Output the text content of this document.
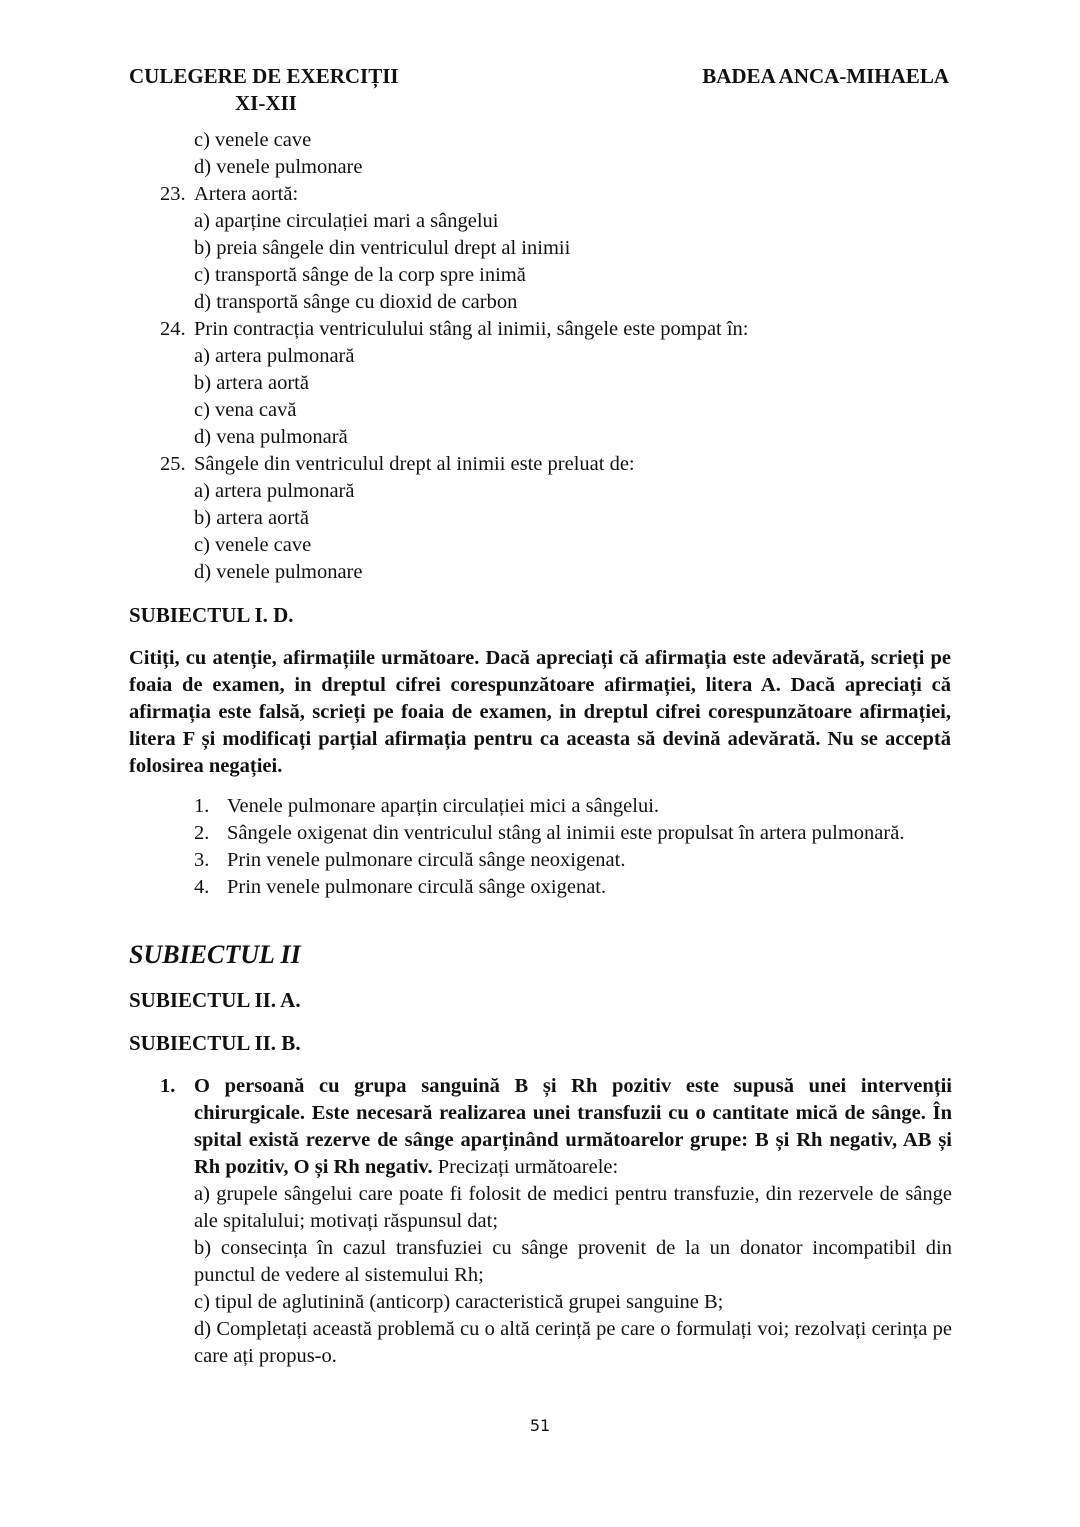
CULEGERE DE EXERCIȚII
XI-XII
BADEA ANCA-MIHAELA
c) venele cave
d) venele pulmonare
23. Artera aortă:
a) aparține circulației mari a sângelui
b) preia sângele din ventriculul drept al inimii
c) transportă sânge de la corp spre inimă
d) transportă sânge cu dioxid de carbon
24. Prin contracția ventriculului stâng al inimii, sângele este pompat în:
a) artera pulmonară
b) artera aortă
c) vena cavă
d) vena pulmonară
25. Sângele din ventriculul drept al inimii este preluat de:
a) artera pulmonară
b) artera aortă
c) venele cave
d) venele pulmonare
SUBIECTUL I. D.
Citiți, cu atenție, afirmațiile următoare. Dacă apreciați că afirmația este adevărată, scrieți pe foaia de examen, in dreptul cifrei corespunzătoare afirmației, litera A. Dacă apreciați că afirmația este falsă, scrieți pe foaia de examen, in dreptul cifrei corespunzătoare afirmației, litera F și modificați parțial afirmația pentru ca aceasta să devină adevărată. Nu se acceptă folosirea negației.
1. Venele pulmonare aparțin circulației mici a sângelui.
2. Sângele oxigenat din ventriculul stâng al inimii este propulsat în artera pulmonară.
3. Prin venele pulmonare circulă sânge neoxigenat.
4. Prin venele pulmonare circulă sânge oxigenat.
SUBIECTUL II
SUBIECTUL II. A.
SUBIECTUL II. B.
1. O persoană cu grupa sanguină B și Rh pozitiv este supusă unei intervenții chirurgicale. Este necesară realizarea unei transfuzii cu o cantitate mică de sânge. În spital există rezerve de sânge aparținând următoarelor grupe: B și Rh negativ, AB și Rh pozitiv, O și Rh negativ. Precizați următoarele:

a) grupele sângelui care poate fi folosit de medici pentru transfuzie, din rezervele de sânge ale spitalului; motivați răspunsul dat;

b) consecința în cazul transfuziei cu sânge provenit de la un donator incompatibil din punctul de vedere al sistemului Rh;

c) tipul de aglutinină (anticorp) caracteristică grupei sanguine B;

d) Completați această problemă cu o altă cerință pe care o formulați voi; rezolvați cerința pe care ați propus-o.

51
